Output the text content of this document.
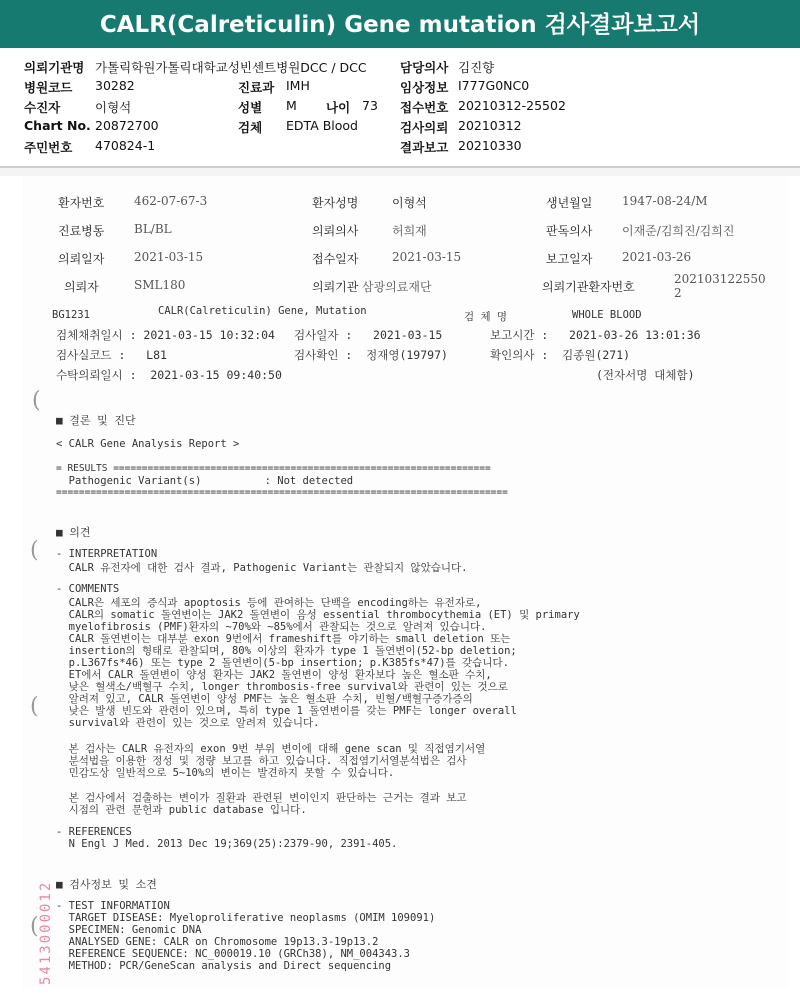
CALR(Calreticulin) Gene mutation 검사결과보고서
의뢰기관명 가톨릭학원가톨릭대학교성빈센트병원DCC / DCC
병원코드 30282
수진자	이형석
Chart No. 20872700
주민번호 470824-1
진료과 IMH
성별 M 나이 73
검체 EDTA Blood
담당의사 김진향
임상정보 I777G0NC0
접수번호 20210312-25502
검사의뢰 20210312
결과보고 20210330
환자번호 462-07-67-3	환자성명	이형석	생년월일 1947-08-24/M
진료병동 BL/BL	의뢰의사	허희재	판독의사 이재준/김희진/김희진
의뢰일자 2021-03-15	접수일자	2021-03-15	보고일자 2021-03-26
의뢰자	SML180	의뢰기관 삼광의료재단	의뢰기관환자번호
202103122550
2
BG1231	CALR(Calreticulin) Gene, Mutation	검 체 명	WHOLE BLOOD
검체채취일시 : 2021-03-15 10:32:04 검사일자 :   2021-03-15	보고시간 :   2021-03-26 13:01:36
검사실코드 :   L81	검사확인 :  정재영(19797)	확인의사 :  김종원(271)
수탁의뢰일시 :  2021-03-15 09:40:50	(전자서명 대체함)
(
(
(
(
■ 결론 및 진단
< CALR Gene Analysis Report >
= RESULTS ==================================================================
Pathogenic Variant(s)          : Not detected
===============================================================================
■ 의견
- INTERPRETATION
CALR 유전자에 대한 검사 결과, Pathogenic Variant는 관찰되지 않았습니다.
- COMMENTS
CALR은 세포의 증식과 apoptosis 등에 관여하는 단백을 encoding하는 유전자로,
CALR의 somatic 돌연변이는 JAK2 돌연변이 음성 essential thrombocythemia (ET) 및 primary
myelofibrosis (PMF)환자의 ~70%와 ~85%에서 관찰되는 것으로 알려져 있습니다.
CALR 돌연변이는 대부분 exon 9번에서 frameshift를 야기하는 small deletion 또는
insertion의 형태로 관찰되며, 80% 이상의 환자가 type 1 돌연변이(52-bp deletion;
p.L367fs*46) 또는 type 2 돌연변이(5-bp insertion; p.K385fs*47)를 갖습니다.
ET에서 CALR 돌연변이 양성 환자는 JAK2 돌연변이 양성 환자보다 높은 혈소판 수치,
낮은 혈색소/백혈구 수치, longer thrombosis-free survival와 관련이 있는 것으로
알려져 있고, CALR 돌연변이 양성 PMF는 높은 혈소판 수치, 빈혈/백혈구증가증의
낮은 발생 빈도와 관련이 있으며, 특히 type 1 돌연변이를 갖는 PMF는 longer overall
survival와 관련이 있는 것으로 알려져 있습니다.
본 검사는 CALR 유전자의 exon 9번 부위 변이에 대해 gene scan 및 직접염기서열
분석법을 이용한 정성 및 정량 보고를 하고 있습니다. 직접염기서열분석법은 검사
민감도상 일반적으로 5~10%의 변이는 발견하지 못할 수 있습니다.
본 검사에서 검출하는 변이가 질환과 관련된 변이인지 판단하는 근거는 결과 보고
시점의 관련 문헌과 public database 입니다.
- REFERENCES
N Engl J Med. 2013 Dec 19;369(25):2379-90, 2391-405.
■ 검사정보 및 소견
- TEST INFORMATION
TARGET DISEASE: Myeloproliferative neoplasms (OMIM 109091)
SPECIMEN: Genomic DNA
ANALYSED GENE: CALR on Chromosome 19p13.3-19p13.2
REFERENCE SEQUENCE: NC_000019.10 (GRCh38), NM_004343.3
METHOD: PCR/GeneScan analysis and Direct sequencing
5413000012
